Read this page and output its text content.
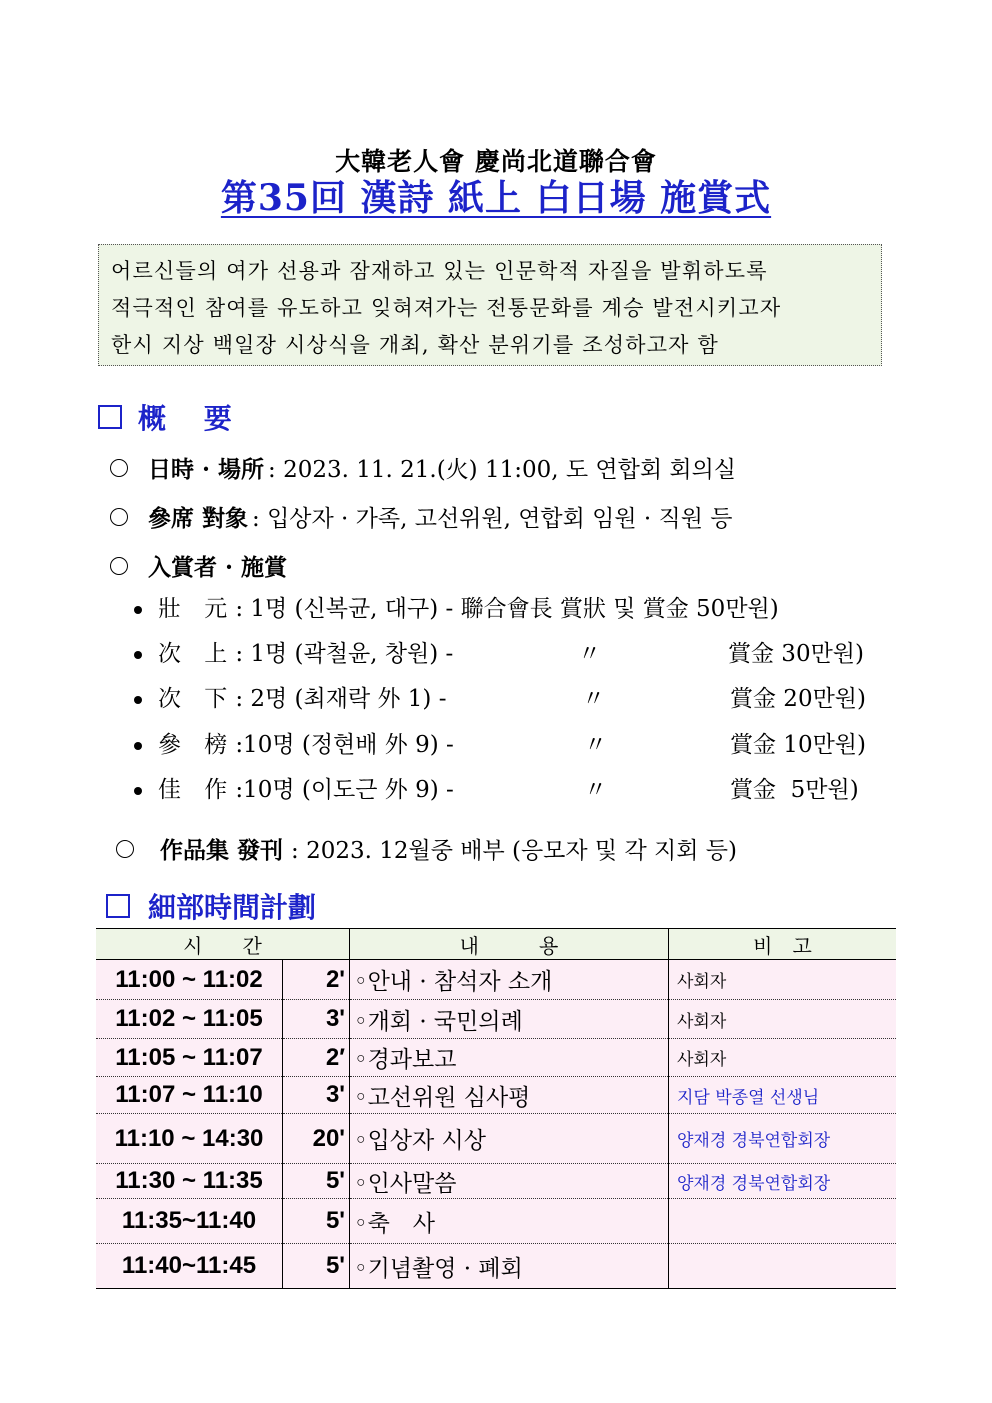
大韓老人會 慶尚北道聯合會
第35回 漢詩 紙上 白日場 施賞式
어르신들의 여가 선용과 잠재하고 있는 인문학적 자질을 발휘하도록
적극적인 참여를 유도하고 잊혀져가는 전통문화를 계승 발전시키고자
한시 지상 백일장 시상식을 개최, 확산 분위기를 조성하고자 함
概　 要
日時 · 場所 : 2023. 11. 21.(火) 11:00, 도 연합회 회의실
參席 對象 : 입상자 · 가족, 고선위원, 연합회 임원 · 직원 등
入賞者 · 施賞
壯 元: 1명 (신복균, 대구) - 聯合會長 賞狀 및 賞金 50만원)
次 上: 1명 (곽철윤, 창원) -	〃	賞金 30만원)
次 下: 2명 (최재락 外 1) -	〃	賞金 20만원)
參 榜:10명 (정현배 外 9) -	〃	賞金 10만원)
佳 作:10명 (이도근 外 9) -	〃	賞金  5만원)
作品集 發刊 : 2023. 12월중 배부 (응모자 및 각 지회 등)
細部時間計劃
시　　간		내　　　용	비　고
11:00 ~ 11:02	2'	◦안내 · 참석자 소개	사회자
11:02 ~ 11:05	3'	◦개회 · 국민의례	사회자
11:05 ~ 11:07	2′	◦경과보고	사회자
11:07 ~ 11:10	3'	◦고선위원 심사평	지담 박종열 선생님
11:10 ~ 14:30	20'	◦입상자 시상	양재경 경북연합회장
11:30 ~ 11:35	5'	◦인사말씀	양재경 경북연합회장
11:35~11:40	5'	◦축　사	
11:40~11:45	5'	◦기념촬영 · 폐회	
